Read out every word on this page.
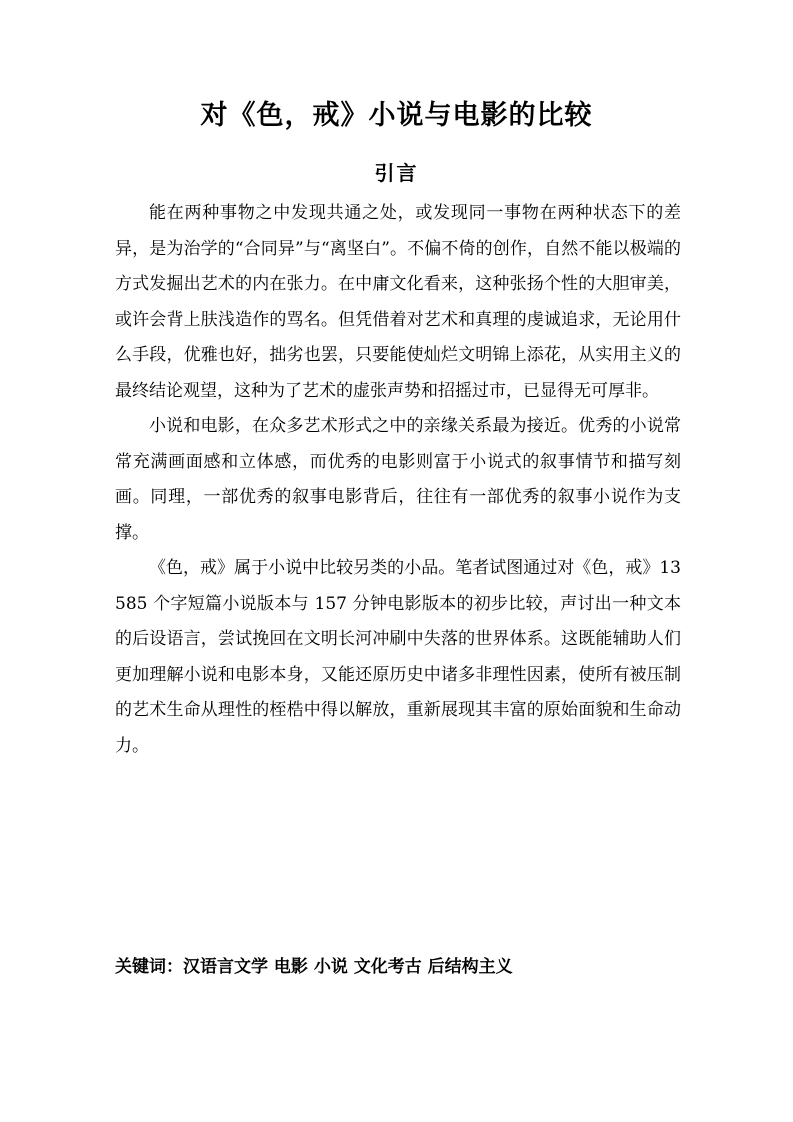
对《色，戒》小说与电影的比较
引言

能在两种事物之中发现共通之处，或发现同一事物在两种状态下的差异，是为治学的“合同异”与“离坚白”。不偏不倚的创作，自然不能以极端的方式发掘出艺术的内在张力。在中庸文化看来，这种张扬个性的大胆审美，或许会背上肤浅造作的骂名。但凭借着对艺术和真理的虔诚追求，无论用什么手段，优雅也好，拙劣也罢，只要能使灿烂文明锦上添花，从实用主义的最终结论观望，这种为了艺术的虚张声势和招摇过市，已显得无可厚非。

小说和电影，在众多艺术形式之中的亲缘关系最为接近。优秀的小说常常充满画面感和立体感，而优秀的电影则富于小说式的叙事情节和描写刻画。同理，一部优秀的叙事电影背后，往往有一部优秀的叙事小说作为支撑。

《色，戒》属于小说中比较另类的小品。笔者试图通过对《色，戒》13585 个字短篇小说版本与 157 分钟电影版本的初步比较，声讨出一种文本的后设语言，尝试挽回在文明长河冲刷中失落的世界体系。这既能辅助人们更加理解小说和电影本身，又能还原历史中诸多非理性因素，使所有被压制的艺术生命从理性的桎梏中得以解放，重新展现其丰富的原始面貌和生命动力。

关键词：汉语言文学 电影 小说 文化考古 后结构主义
